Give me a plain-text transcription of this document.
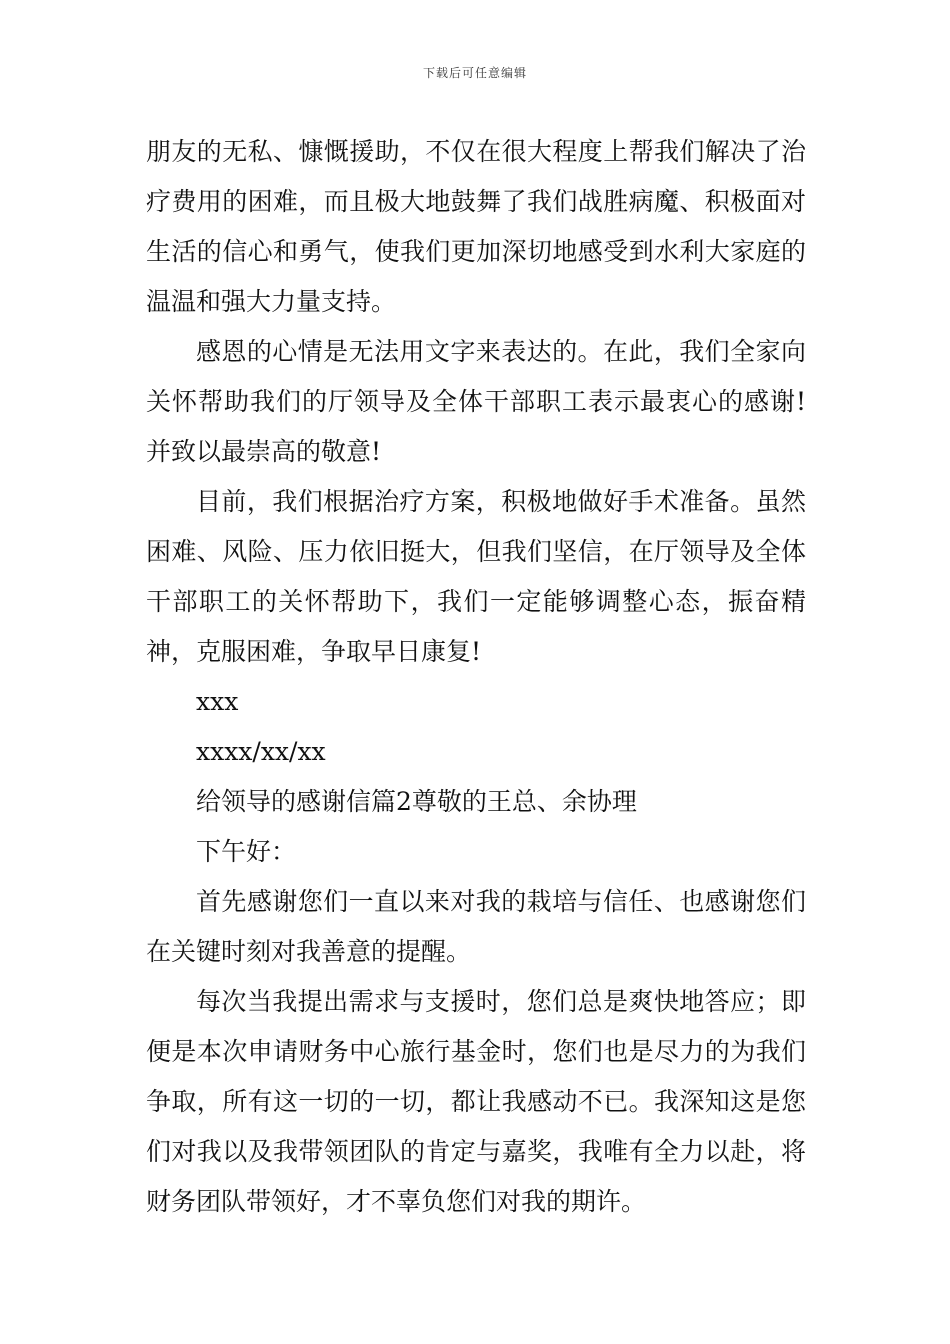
下载后可任意编辑

朋友的无私、慷慨援助，不仅在很大程度上帮我们解决了治疗费用的困难，而且极大地鼓舞了我们战胜病魔、积极面对生活的信心和勇气，使我们更加深切地感受到水利大家庭的温温和强大力量支持。

感恩的心情是无法用文字来表达的。在此，我们全家向关怀帮助我们的厅领导及全体干部职工表示最衷心的感谢!并致以最崇高的敬意!

目前，我们根据治疗方案，积极地做好手术准备。虽然困难、风险、压力依旧挺大，但我们坚信，在厅领导及全体干部职工的关怀帮助下，我们一定能够调整心态，振奋精神，克服困难，争取早日康复!

xxx

xxxx/xx/xx

给领导的感谢信篇2尊敬的王总、余协理

下午好：

首先感谢您们一直以来对我的栽培与信任、也感谢您们在关键时刻对我善意的提醒。

每次当我提出需求与支援时，您们总是爽快地答应；即便是本次申请财务中心旅行基金时，您们也是尽力的为我们争取，所有这一切的一切，都让我感动不已。我深知这是您们对我以及我带领团队的肯定与嘉奖，我唯有全力以赴，将财务团队带领好，才不辜负您们对我的期许。
